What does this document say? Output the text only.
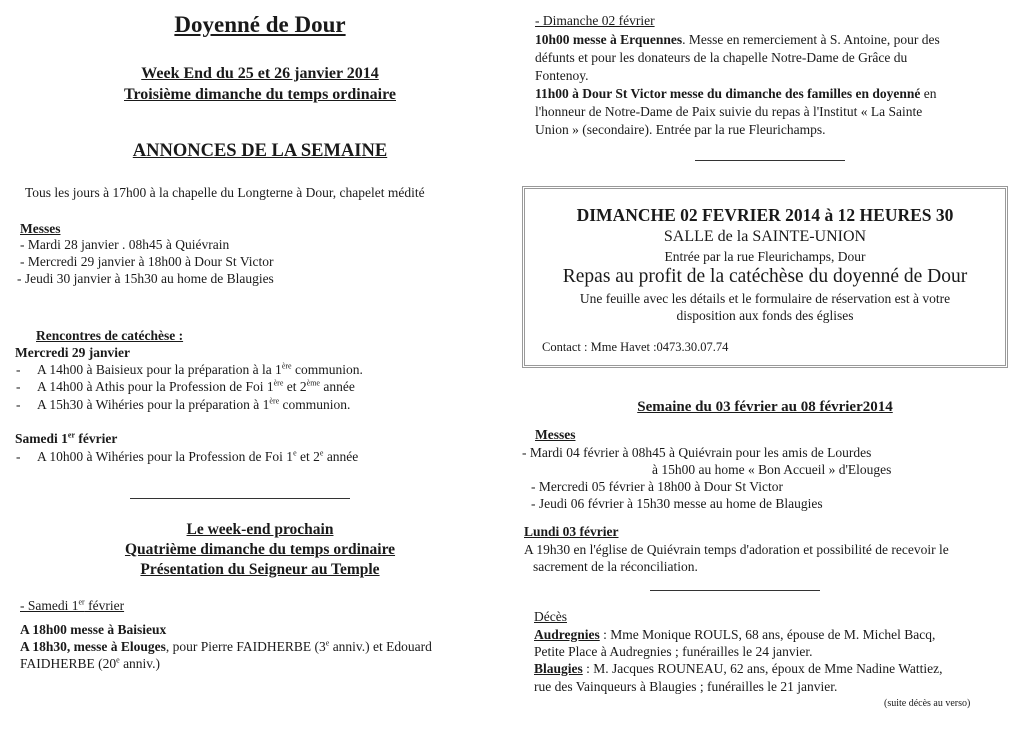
Doyenné de Dour
Week End du 25 et 26 janvier 2014
Troisième dimanche du temps ordinaire
ANNONCES DE LA SEMAINE
Tous les jours à 17h00 à la chapelle du Longterne à Dour, chapelet médité
Messes
- Mardi 28 janvier . 08h45 à Quiévrain
- Mercredi 29 janvier à 18h00 à Dour St Victor
- Jeudi 30 janvier à 15h30 au home de Blaugies
Rencontres de catéchèse :
Mercredi 29 janvier
- A 14h00 à Baisieux pour la préparation à la 1ère communion.
- A 14h00 à Athis pour la Profession de Foi 1ère et 2ème année
- A 15h30 à Wihéries pour la préparation à 1ère communion.
Samedi 1er février
- A 10h00 à Wihéries pour la Profession de Foi 1e et 2e année
Le week-end prochain
Quatrième dimanche du temps ordinaire
Présentation du Seigneur au Temple
- Samedi 1er février
A 18h00 messe à Baisieux
A 18h30, messe à Elouges, pour Pierre FAIDHERBE (3e anniv.) et Edouard
FAIDHERBE (20e anniv.)
- Dimanche 02 février
10h00 messe à Erquennes. Messe en remerciement à S. Antoine, pour des
défunts et pour les donateurs de la chapelle Notre-Dame de Grâce du
Fontenoy.
11h00 à Dour St Victor messe du dimanche des familles en doyenné en
l'honneur de Notre-Dame de Paix suivie du repas à l'Institut « La Sainte
Union » (secondaire). Entrée par la rue Fleurichamps.
DIMANCHE 02 FEVRIER 2014 à 12 HEURES 30
SALLE de la SAINTE-UNION
Entrée par la rue Fleurichamps, Dour
Repas au profit de la catéchèse du doyenné de Dour
Une feuille avec les détails et le formulaire de réservation est à votre
disposition aux fonds des églises
Contact : Mme Havet :0473.30.07.74
Semaine du 03 février au 08 février2014
Messes
- Mardi 04 février à 08h45 à Quiévrain pour les amis de Lourdes
à 15h00 au home « Bon Accueil » d'Elouges
- Mercredi 05 février à 18h00 à Dour St Victor
- Jeudi 06 février à 15h30 messe au home de Blaugies
Lundi 03 février
A 19h30 en l'église de Quiévrain temps d'adoration et possibilité de recevoir le
sacrement de la réconciliation.
Décès
Audregnies : Mme Monique ROULS, 68 ans, épouse de M. Michel Bacq,
Petite Place à Audregnies ; funérailles le 24 janvier.
Blaugies : M. Jacques ROUNEAU, 62 ans, époux de Mme Nadine Wattiez,
rue des Vainqueurs à Blaugies ; funérailles le 21 janvier.
(suite décès au verso)
